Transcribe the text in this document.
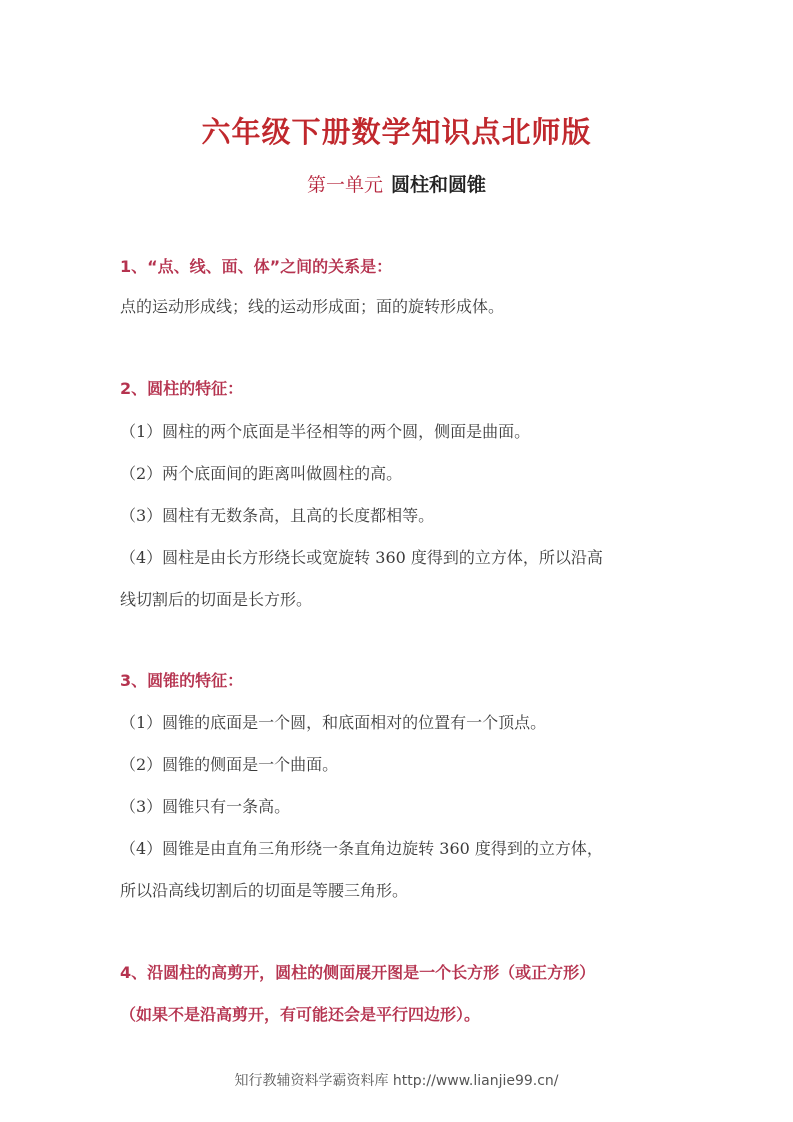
六年级下册数学知识点北师版

第一单元 圆柱和圆锥

1、“点、线、面、体”之间的关系是：

点的运动形成线；线的运动形成面；面的旋转形成体。

2、圆柱的特征：

（1）圆柱的两个底面是半径相等的两个圆，侧面是曲面。

（2）两个底面间的距离叫做圆柱的高。

（3）圆柱有无数条高，且高的长度都相等。

（4）圆柱是由长方形绕长或宽旋转 360 度得到的立方体，所以沿高

线切割后的切面是长方形。

3、圆锥的特征：

（1）圆锥的底面是一个圆，和底面相对的位置有一个顶点。

（2）圆锥的侧面是一个曲面。

（3）圆锥只有一条高。

（4）圆锥是由直角三角形绕一条直角边旋转 360 度得到的立方体，

所以沿高线切割后的切面是等腰三角形。

4、沿圆柱的高剪开，圆柱的侧面展开图是一个长方形（或正方形）

（如果不是沿高剪开，有可能还会是平行四边形）。

知行教辅资料学霸资料库 http://www.lianjie99.cn/
